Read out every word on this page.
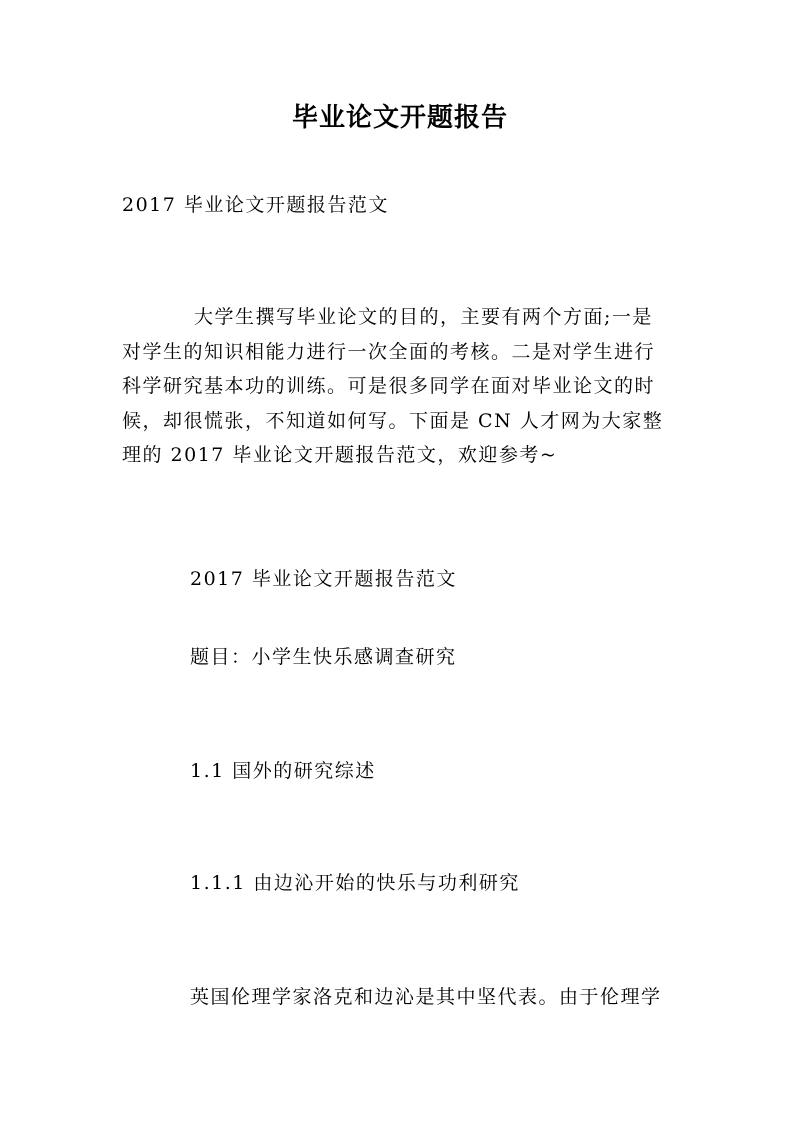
毕业论文开题报告
2017 毕业论文开题报告范文
大学生撰写毕业论文的目的，主要有两个方面;一是
对学生的知识相能力进行一次全面的考核。二是对学生进行
科学研究基本功的训练。可是很多同学在面对毕业论文的时
候，却很慌张，不知道如何写。下面是 CN 人才网为大家整
理的 2017 毕业论文开题报告范文，欢迎参考~
2017 毕业论文开题报告范文
题目：小学生快乐感调查研究
1.1 国外的研究综述
1.1.1 由边沁开始的快乐与功利研究
英国伦理学家洛克和边沁是其中坚代表。由于伦理学
